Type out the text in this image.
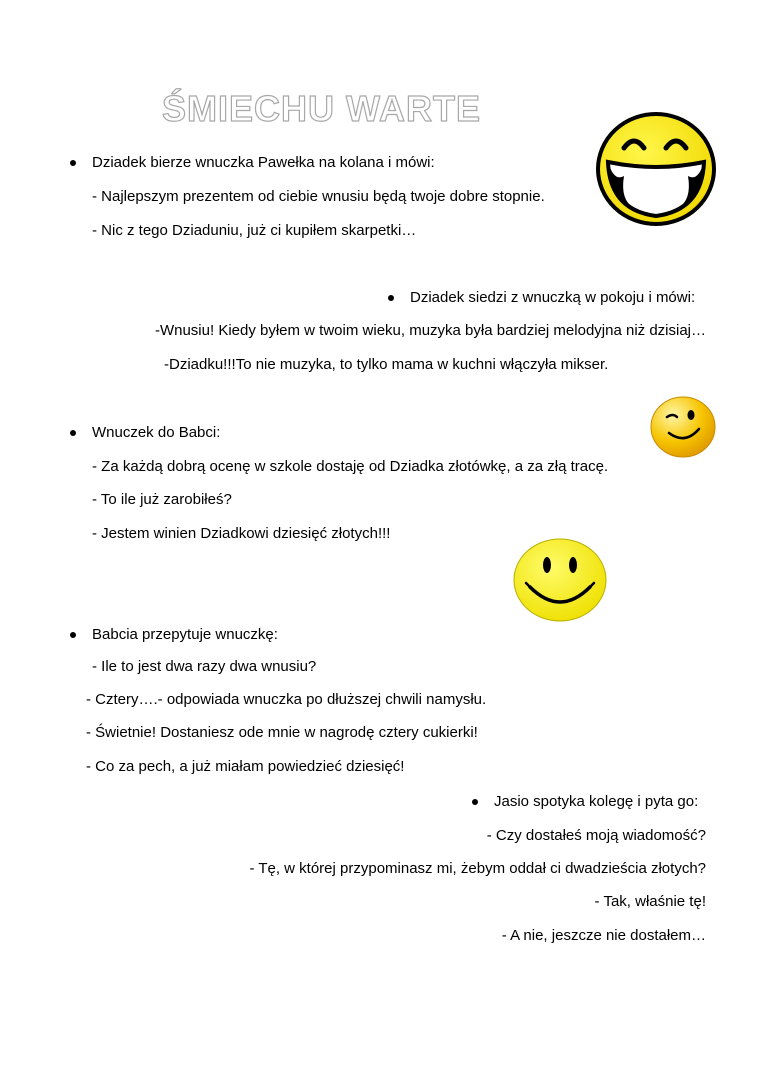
ŚMIECHU WARTE
Dziadek bierze wnuczka Pawełka na kolana i mówi:
- Najlepszym prezentem od ciebie wnusiu będą twoje dobre stopnie.
- Nic z tego Dziaduniu, już ci kupiłem skarpetki…
Dziadek siedzi z wnuczką w pokoju i mówi:
-Wnusiu! Kiedy byłem w twoim wieku, muzyka była bardziej melodyjna niż dzisiaj…
-Dziadku!!!To nie muzyka, to tylko mama w kuchni włączyła mikser.
Wnuczek do Babci:
- Za każdą dobrą ocenę w szkole dostaję od Dziadka złotówkę, a za złą tracę.
- To ile już zarobiłeś?
- Jestem winien Dziadkowi dziesięć złotych!!!
Babcia przepytuje wnuczkę:
- Ile to jest dwa razy dwa wnusiu?
- Cztery….- odpowiada wnuczka po dłuższej chwili namysłu.
- Świetnie! Dostaniesz ode mnie w nagrodę cztery cukierki!
- Co za pech, a już miałam powiedzieć dziesięć!
Jasio spotyka kolegę i pyta go:
- Czy dostałeś moją wiadomość?
- Tę, w której przypominasz mi, żebym oddał ci dwadzieścia złotych?
- Tak, właśnie tę!
- A nie, jeszcze nie dostałem…
